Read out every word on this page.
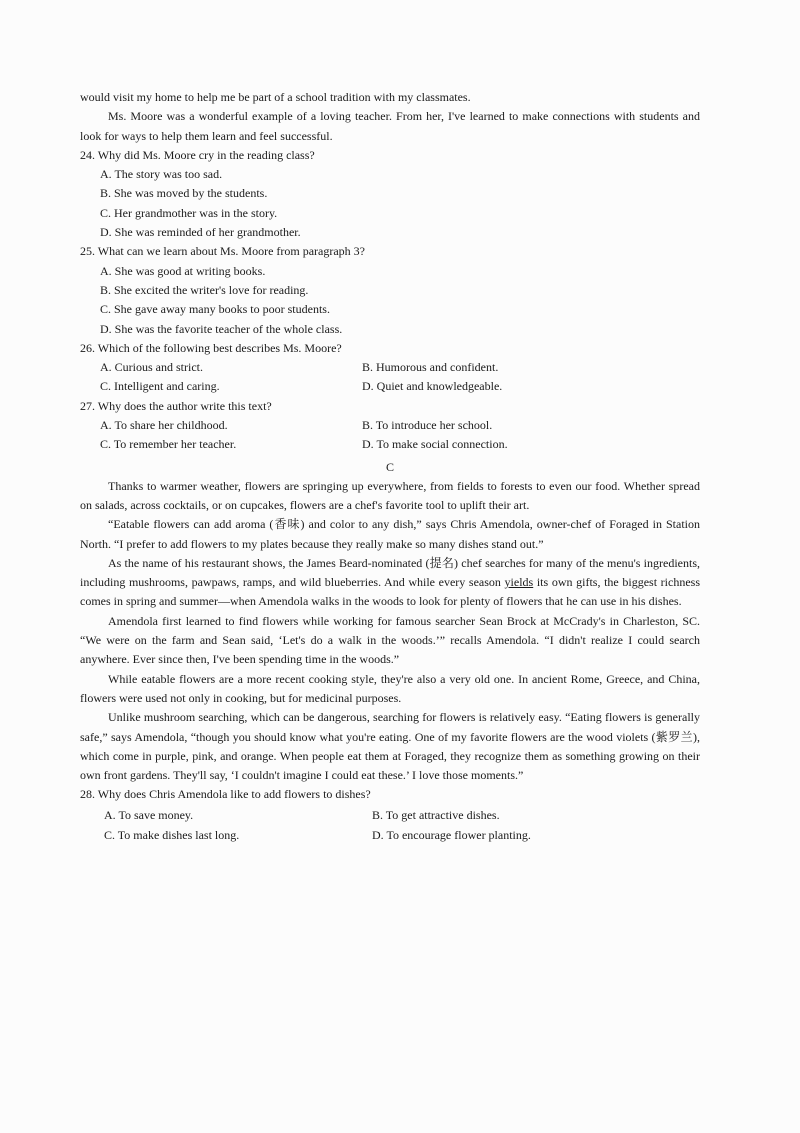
would visit my home to help me be part of a school tradition with my classmates.

Ms. Moore was a wonderful example of a loving teacher. From her, I've learned to make connections with students and look for ways to help them learn and feel successful.

24. Why did Ms. Moore cry in the reading class?

A. The story was too sad.

B. She was moved by the students.

C. Her grandmother was in the story.

D. She was reminded of her grandmother.

25. What can we learn about Ms. Moore from paragraph 3?

A. She was good at writing books.

B. She excited the writer's love for reading.

C. She gave away many books to poor students.

D. She was the favorite teacher of the whole class.

26. Which of the following best describes Ms. Moore?

A. Curious and strict.	B. Humorous and confident.
C. Intelligent and caring.	D. Quiet and knowledgeable.

27. Why does the author write this text?

A. To share her childhood.	B. To introduce her school.
C. To remember her teacher.	D. To make social connection.

C

Thanks to warmer weather, flowers are springing up everywhere, from fields to forests to even our food. Whether spread on salads, across cocktails, or on cupcakes, flowers are a chef's favorite tool to uplift their art.

“Eatable flowers can add aroma (香味) and color to any dish,” says Chris Amendola, owner-chef of Foraged in Station North. “I prefer to add flowers to my plates because they really make so many dishes stand out.”

As the name of his restaurant shows, the James Beard-nominated (提名) chef searches for many of the menu's ingredients, including mushrooms, pawpaws, ramps, and wild blueberries. And while every season yields its own gifts, the biggest richness comes in spring and summer—when Amendola walks in the woods to look for plenty of flowers that he can use in his dishes.

Amendola first learned to find flowers while working for famous searcher Sean Brock at McCrady's in Charleston, SC. “We were on the farm and Sean said, ‘Let's do a walk in the woods.’” recalls Amendola. “I didn't realize I could search anywhere. Ever since then, I've been spending time in the woods.”

While eatable flowers are a more recent cooking style, they're also a very old one. In ancient Rome, Greece, and China, flowers were used not only in cooking, but for medicinal purposes.

Unlike mushroom searching, which can be dangerous, searching for flowers is relatively easy. “Eating flowers is generally safe,” says Amendola, “though you should know what you're eating. One of my favorite flowers are the wood violets (紫罗兰), which come in purple, pink, and orange. When people eat them at Foraged, they recognize them as something growing on their own front gardens. They'll say, ‘I couldn't imagine I could eat these.’ I love those moments.”

28. Why does Chris Amendola like to add flowers to dishes?

A. To save money.	B. To get attractive dishes.
C. To make dishes last long.	D. To encourage flower planting.
